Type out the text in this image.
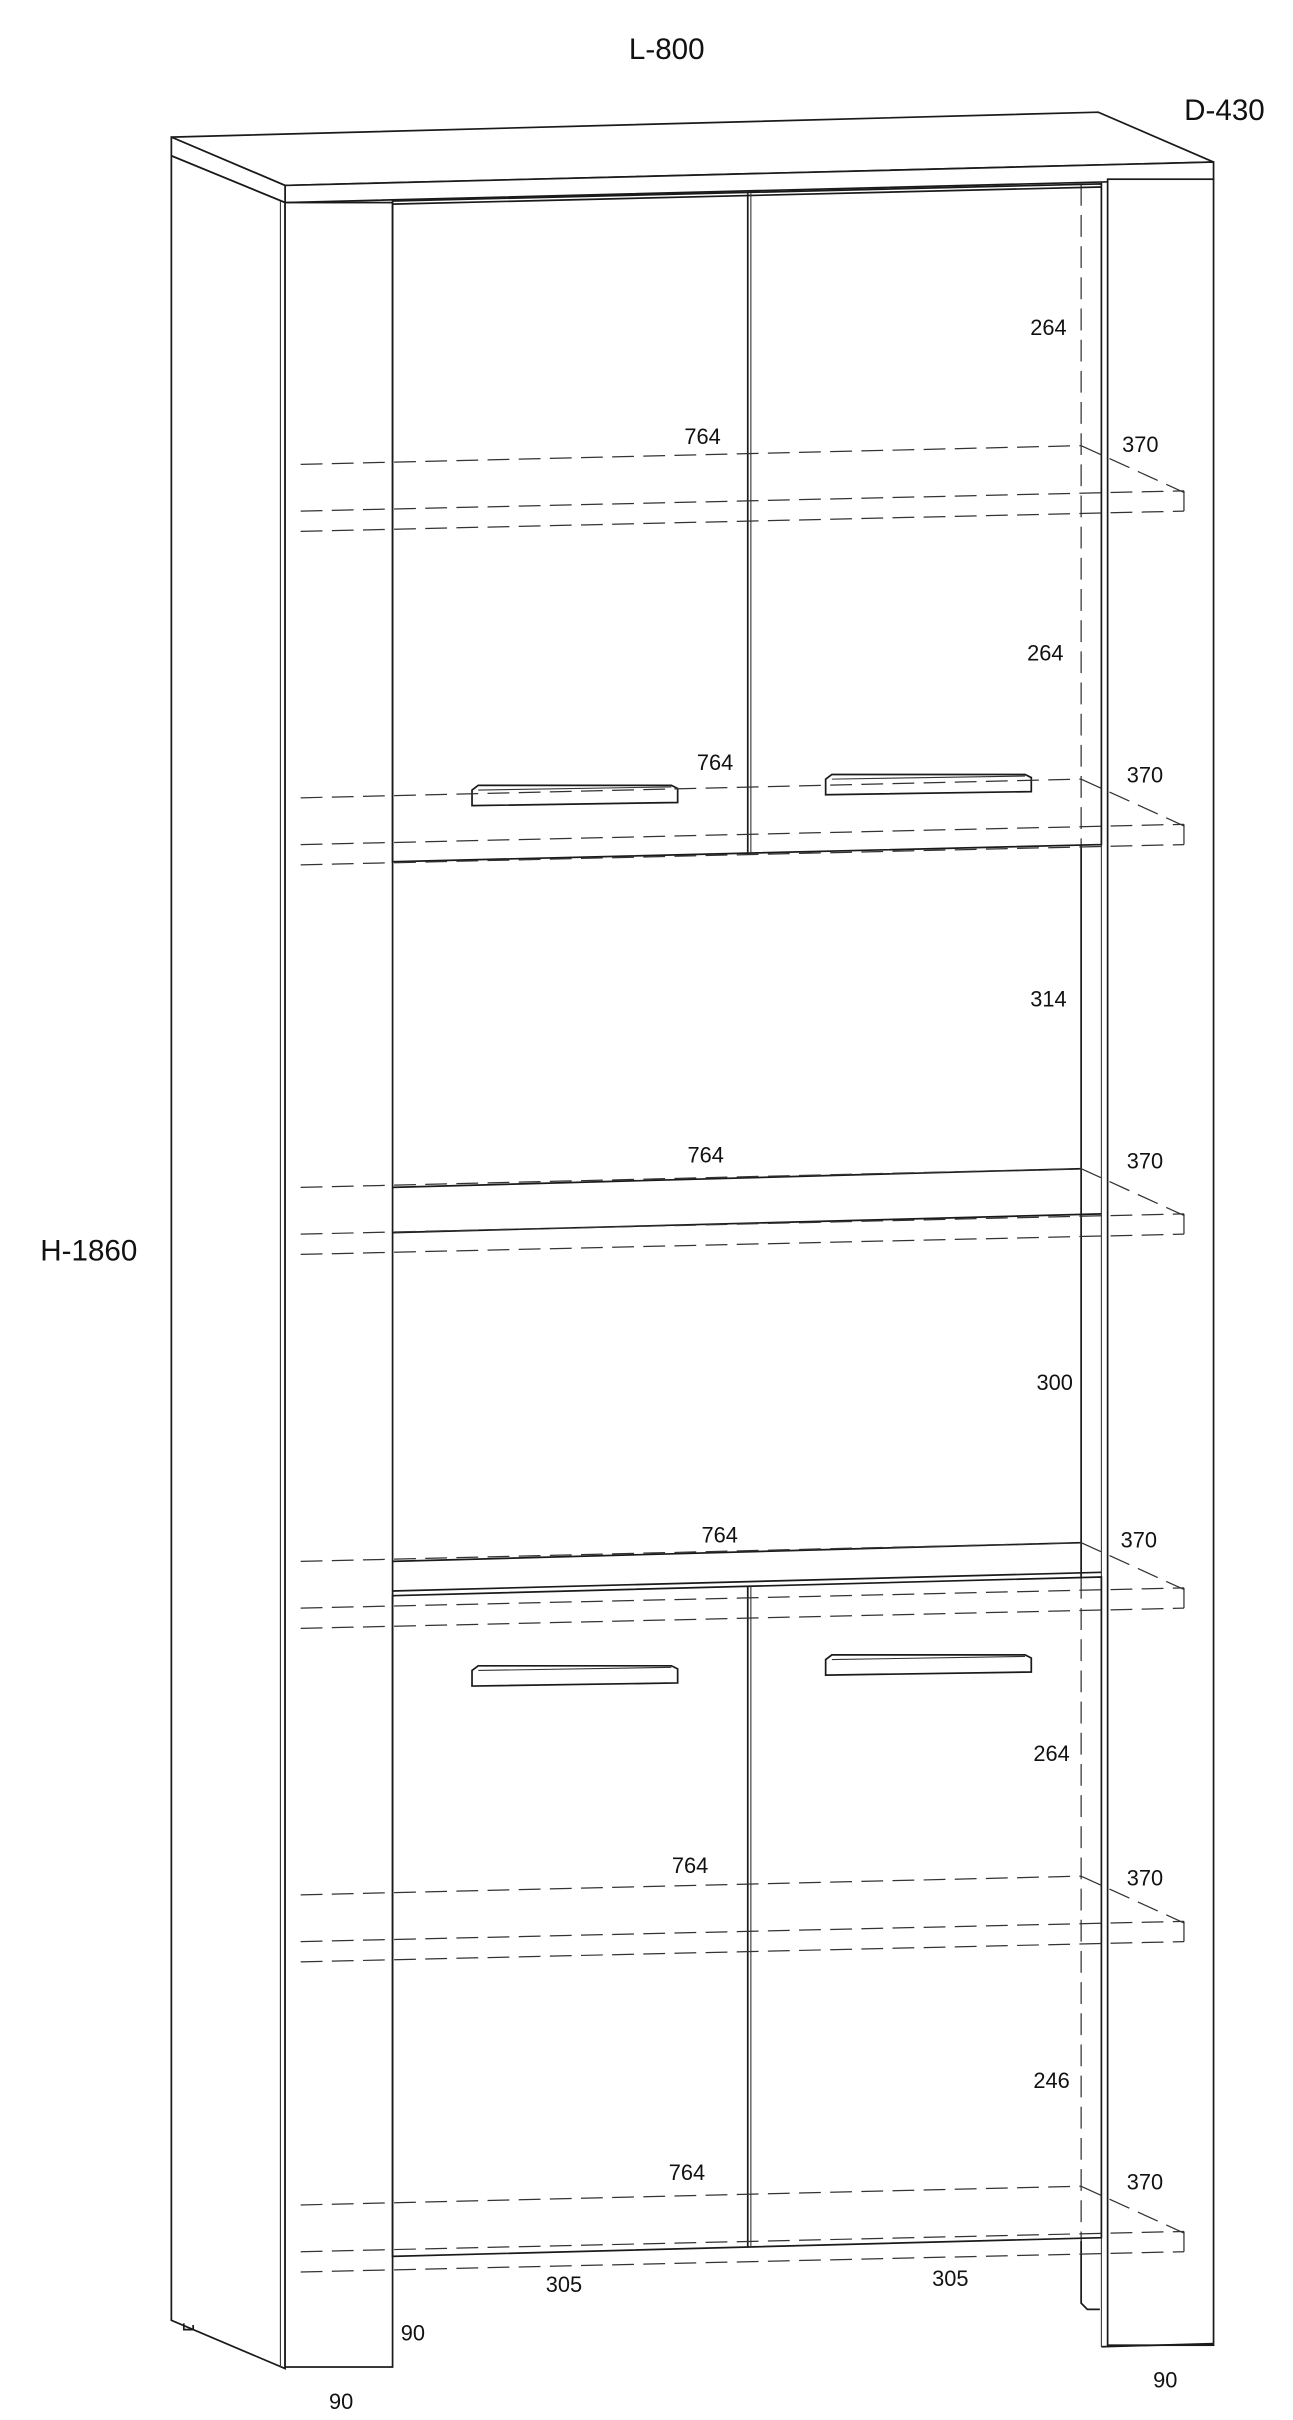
L-800
D-430
H-1860
264
264
314
300
264
246
764	370
764	370
764	370
764	370
764	370
764	370
305	305
90
90
90
